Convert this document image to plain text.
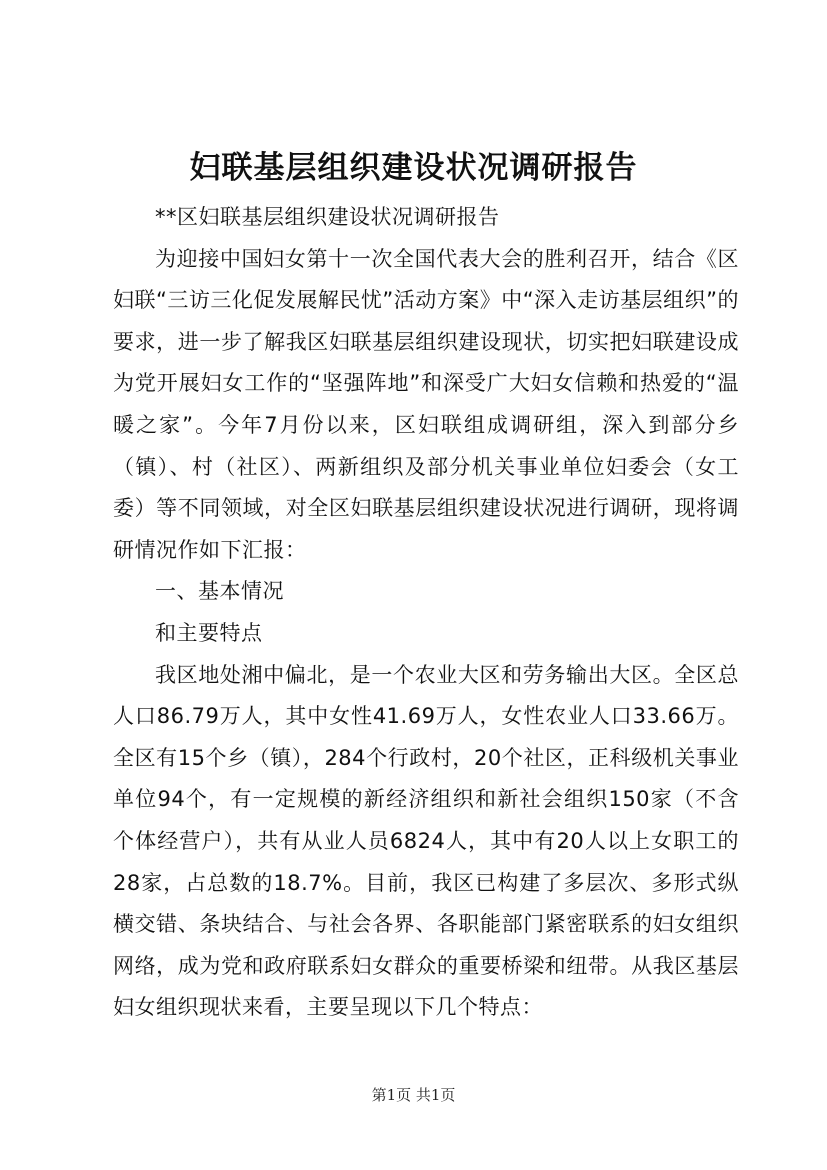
妇联基层组织建设状况调研报告

**区妇联基层组织建设状况调研报告

为迎接中国妇女第十一次全国代表大会的胜利召开，结合《区妇联“三访三化促发展解民忧”活动方案》中“深入走访基层组织”的要求，进一步了解我区妇联基层组织建设现状，切实把妇联建设成为党开展妇女工作的“坚强阵地”和深受广大妇女信赖和热爱的“温暖之家”。今年7月份以来，区妇联组成调研组，深入到部分乡（镇）、村（社区）、两新组织及部分机关事业单位妇委会（女工委）等不同领域，对全区妇联基层组织建设状况进行调研，现将调研情况作如下汇报：

一、基本情况

和主要特点

我区地处湘中偏北，是一个农业大区和劳务输出大区。全区总人口86.79万人，其中女性41.69万人，女性农业人口33.66万。全区有15个乡（镇），284个行政村，20个社区，正科级机关事业单位94个，有一定规模的新经济组织和新社会组织150家（不含个体经营户），共有从业人员6824人，其中有20人以上女职工的28家，占总数的18.7%。目前，我区已构建了多层次、多形式纵横交错、条块结合、与社会各界、各职能部门紧密联系的妇女组织网络，成为党和政府联系妇女群众的重要桥梁和纽带。从我区基层妇女组织现状来看，主要呈现以下几个特点：

第1页 共1页
